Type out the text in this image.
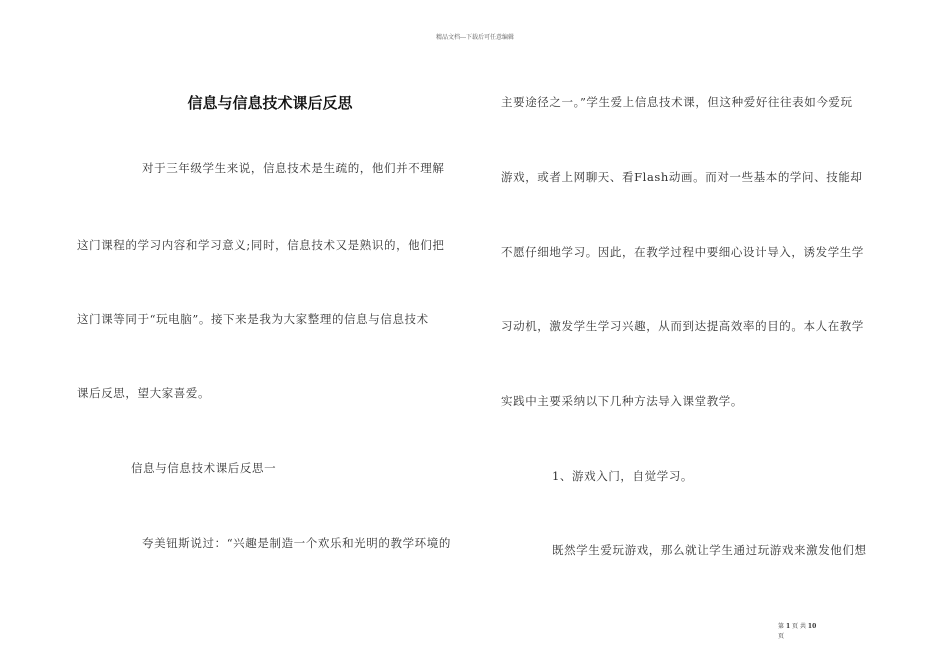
精品文档---下载后可任意编辑
信息与信息技术课后反思
对于三年级学生来说，信息技术是生疏的，他们并不理解
这门课程的学习内容和学习意义;同时，信息技术又是熟识的，他们把
这门课等同于“玩电脑”。接下来是我为大家整理的信息与信息技术
课后反思，望大家喜爱。
信息与信息技术课后反思一
夸美钮斯说过：“兴趣是制造一个欢乐和光明的教学环境的
主要途径之一。”学生爱上信息技术课，但这种爱好往往表如今爱玩
游戏，或者上网聊天、看Flash动画。而对一些基本的学问、技能却
不愿仔细地学习。因此，在教学过程中要细心设计导入，诱发学生学
习动机，激发学生学习兴趣，从而到达提高效率的目的。本人在教学
实践中主要采纳以下几种方法导入课堂教学。
1、游戏入门，自觉学习。
既然学生爱玩游戏，那么就让学生通过玩游戏来激发他们想
第 1 页 共 10
页
